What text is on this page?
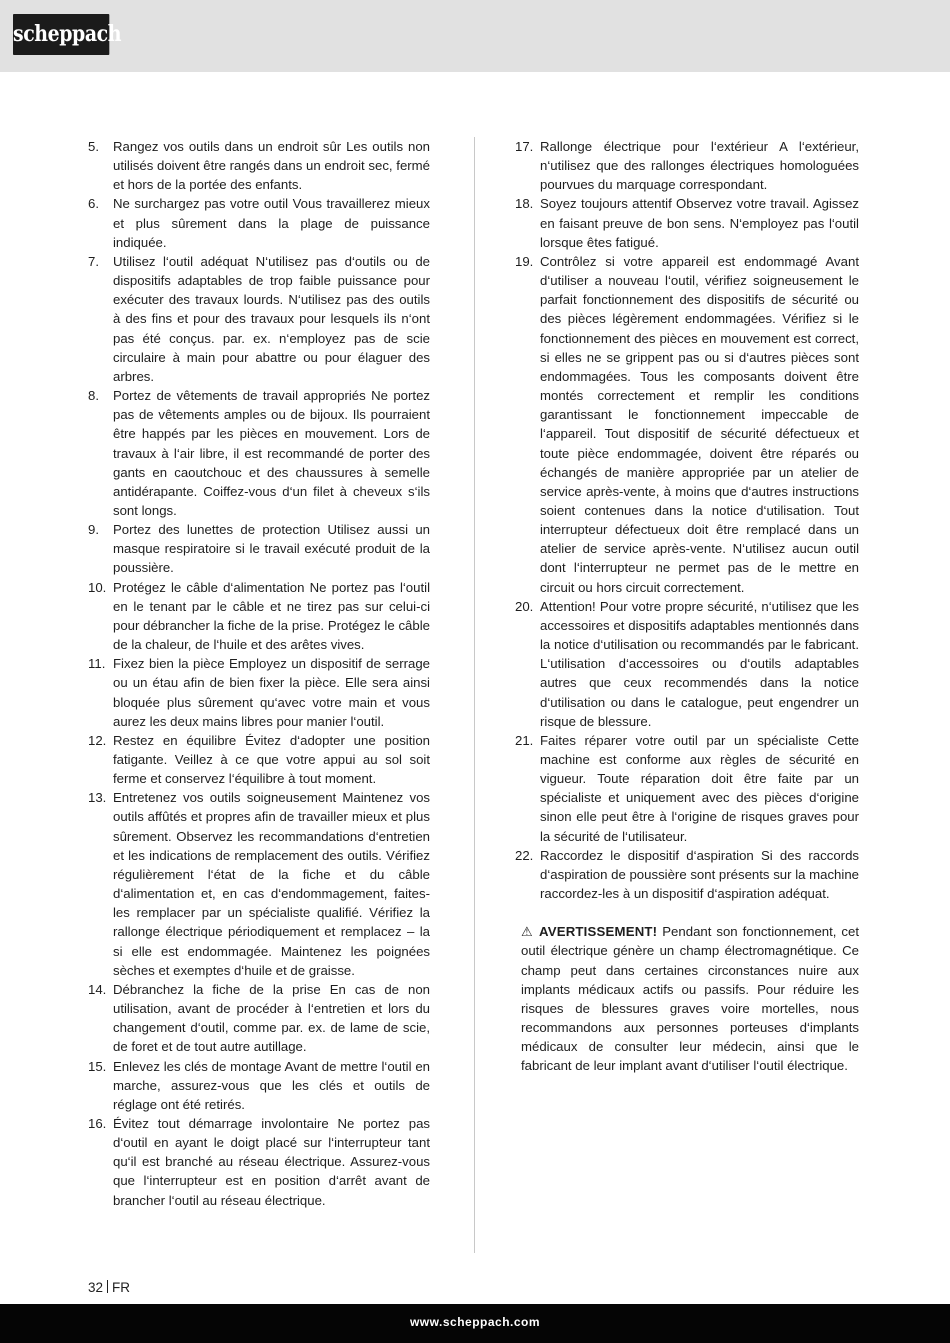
scheppach
5. Rangez vos outils dans un endroit sûr Les outils non utilisés doivent être rangés dans un endroit sec, fermé et hors de la portée des enfants.
6. Ne surchargez pas votre outil Vous travaillerez mieux et plus sûrement dans la plage de puissance indiquée.
7. Utilisez l‘outil adéquat N‘utilisez pas d‘outils ou de dispositifs adaptables de trop faible puissance pour exécuter des travaux lourds. N‘utilisez pas des outils à des fins et pour des travaux pour lesquels ils n‘ont pas été conçus. par. ex. n‘employez pas de scie circulaire à main pour abattre ou pour élaguer des arbres.
8. Portez de vêtements de travail appropriés Ne portez pas de vêtements amples ou de bijoux. Ils pourraient être happés par les pièces en mouvement. Lors de travaux à l‘air libre, il est recommandé de porter des gants en caoutchouc et des chaussures à semelle antidérapante. Coiffez-vous d‘un filet à cheveux s‘ils sont longs.
9. Portez des lunettes de protection Utilisez aussi un masque respiratoire si le travail exécuté produit de la poussière.
10. Protégez le câble d‘alimentation Ne portez pas l‘outil en le tenant par le câble et ne tirez pas sur celui-ci pour débrancher la fiche de la prise. Protégez le câble de la chaleur, de l‘huile et des arêtes vives.
11. Fixez bien la pièce Employez un dispositif de serrage ou un étau afin de bien fixer la pièce. Elle sera ainsi bloquée plus sûrement qu‘avec votre main et vous aurez les deux mains libres pour manier l‘outil.
12. Restez en équilibre Évitez d‘adopter une position fatigante. Veillez à ce que votre appui au sol soit ferme et conservez l‘équilibre à tout moment.
13. Entretenez vos outils soigneusement Maintenez vos outils affûtés et propres afin de travailler mieux et plus sûrement. Observez les recommandations d‘entretien et les indications de remplacement des outils. Vérifiez régulièrement l‘état de la fiche et du câble d‘alimentation et, en cas d‘endommagement, faites-les remplacer par un spécialiste qualifié. Vérifiez la rallonge électrique périodiquement et remplacez – la si elle est endommagée. Maintenez les poignées sèches et exemptes d‘huile et de graisse.
14. Débranchez la fiche de la prise En cas de non utilisation, avant de procéder à l‘entretien et lors du changement d‘outil, comme par. ex. de lame de scie, de foret et de tout autre autillage.
15. Enlevez les clés de montage Avant de mettre l‘outil en marche, assurez-vous que les clés et outils de réglage ont été retirés.
16. Évitez tout démarrage involontaire Ne portez pas d‘outil en ayant le doigt placé sur l‘interrupteur tant qu‘il est branché au réseau électrique. Assurez-vous que l‘interrupteur est en position d‘arrêt avant de brancher l‘outil au réseau électrique.
17. Rallonge électrique pour l‘extérieur A l‘extérieur, n‘utilisez que des rallonges électriques homologuées pourvues du marquage correspondant.
18. Soyez toujours attentif Observez votre travail. Agissez en faisant preuve de bon sens. N‘employez pas l‘outil lorsque êtes fatigué.
19. Contrôlez si votre appareil est endommagé Avant d‘utiliser a nouveau l‘outil, vérifiez soigneusement le parfait fonctionnement des dispositifs de sécurité ou des pièces légèrement endommagées. Vérifiez si le fonctionnement des pièces en mouvement est correct, si elles ne se grippent pas ou si d‘autres pièces sont endommagées. Tous les composants doivent être montés correctement et remplir les conditions garantissant le fonctionnement impeccable de l‘appareil. Tout dispositif de sécurité défectueux et toute pièce endommagée, doivent être réparés ou échangés de manière appropriée par un atelier de service après-vente, à moins que d‘autres instructions soient contenues dans la notice d‘utilisation. Tout interrupteur défectueux doit être remplacé dans un atelier de service après-vente. N‘utilisez aucun outil dont l‘interrupteur ne permet pas de le mettre en circuit ou hors circuit correctement.
20. Attention! Pour votre propre sécurité, n‘utilisez que les accessoires et dispositifs adaptables mentionnés dans la notice d‘utilisation ou recommandés par le fabricant. L‘utilisation d‘accessoires ou d‘outils adaptables autres que ceux recommendés dans la notice d‘utilisation ou dans le catalogue, peut engendrer un risque de blessure.
21. Faites réparer votre outil par un spécialiste Cette machine est conforme aux règles de sécurité en vigueur. Toute réparation doit être faite par un spécialiste et uniquement avec des pièces d‘origine sinon elle peut être à l‘origine de risques graves pour la sécurité de l‘utilisateur.
22. Raccordez le dispositif d‘aspiration Si des raccords d‘aspiration de poussière sont présents sur la machine raccordez-les à un dispositif d‘aspiration adéquat.

⚠ AVERTISSEMENT! Pendant son fonctionnement, cet outil électrique génère un champ électromagnétique. Ce champ peut dans certaines circonstances nuire aux implants médicaux actifs ou passifs. Pour réduire les risques de blessures graves voire mortelles, nous recommandons aux personnes porteuses d‘implants médicaux de consulter leur médecin, ainsi que le fabricant de leur implant avant d‘utiliser l‘outil électrique.

32 FR
www.scheppach.com
